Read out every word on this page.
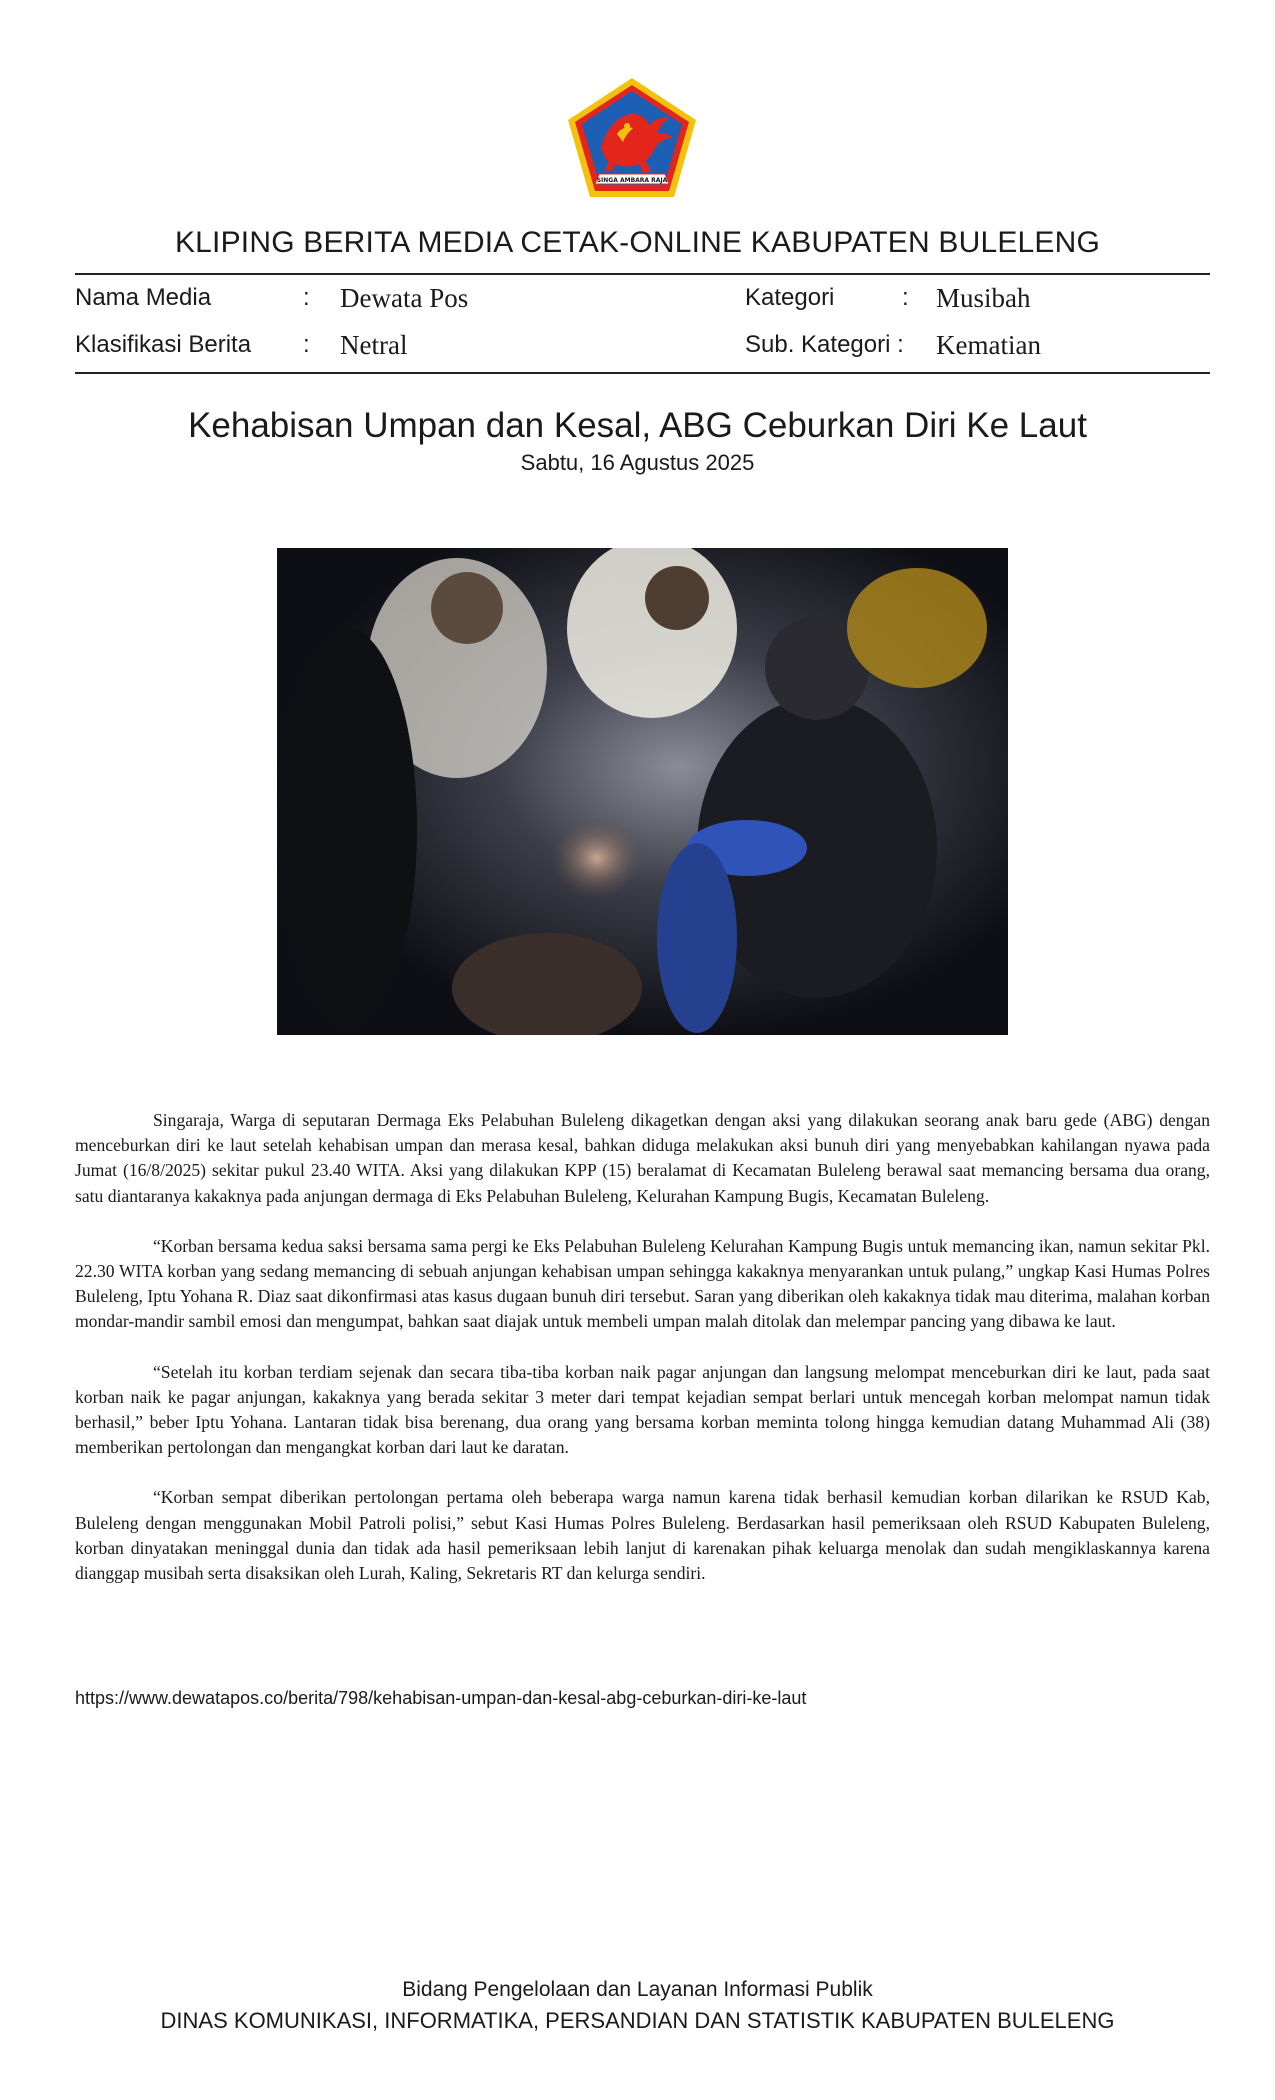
SINGA AMBARA RAJA
KLIPING BERITA MEDIA CETAK-ONLINE KABUPATEN BULELENG
Nama Media	: Dewata Pos	Kategori	: Musibah
Klasifikasi Berita : Netral	Sub. Kategori : Kematian
Kehabisan Umpan dan Kesal, ABG Ceburkan Diri Ke Laut
Sabtu, 16 Agustus 2025

Singaraja, Warga di seputaran Dermaga Eks Pelabuhan Buleleng dikagetkan dengan aksi yang dilakukan seorang anak baru gede (ABG) dengan menceburkan diri ke laut setelah kehabisan umpan dan merasa kesal, bahkan diduga melakukan aksi bunuh diri yang menyebabkan kahilangan nyawa pada Jumat (16/8/2025) sekitar pukul 23.40 WITA. Aksi yang dilakukan KPP (15) beralamat di Kecamatan Buleleng berawal saat memancing bersama dua orang, satu diantaranya kakaknya pada anjungan dermaga di Eks Pelabuhan Buleleng, Kelurahan Kampung Bugis, Kecamatan Buleleng.

“Korban bersama kedua saksi bersama sama pergi ke Eks Pelabuhan Buleleng Kelurahan Kampung Bugis untuk memancing ikan, namun sekitar Pkl. 22.30 WITA korban yang sedang memancing di sebuah anjungan kehabisan umpan sehingga kakaknya menyarankan untuk pulang,” ungkap Kasi Humas Polres Buleleng, Iptu Yohana R. Diaz saat dikonfirmasi atas kasus dugaan bunuh diri tersebut. Saran yang diberikan oleh kakaknya tidak mau diterima, malahan korban mondar-mandir sambil emosi dan mengumpat, bahkan saat diajak untuk membeli umpan malah ditolak dan melempar pancing yang dibawa ke laut.

“Setelah itu korban terdiam sejenak dan secara tiba-tiba korban naik pagar anjungan dan langsung melompat menceburkan diri ke laut, pada saat korban naik ke pagar anjungan, kakaknya yang berada sekitar 3 meter dari tempat kejadian sempat berlari untuk mencegah korban melompat namun tidak berhasil,” beber Iptu Yohana. Lantaran tidak bisa berenang, dua orang yang bersama korban meminta tolong hingga kemudian datang Muhammad Ali (38) memberikan pertolongan dan mengangkat korban dari laut ke daratan.

“Korban sempat diberikan pertolongan pertama oleh beberapa warga namun karena tidak berhasil kemudian korban dilarikan ke RSUD Kab, Buleleng dengan menggunakan Mobil Patroli polisi,” sebut Kasi Humas Polres Buleleng. Berdasarkan hasil pemeriksaan oleh RSUD Kabupaten Buleleng, korban dinyatakan meninggal dunia dan tidak ada hasil pemeriksaan lebih lanjut di karenakan pihak keluarga menolak dan sudah mengiklaskannya karena dianggap musibah serta disaksikan oleh Lurah, Kaling, Sekretaris RT dan kelurga sendiri.

https://www.dewatapos.co/berita/798/kehabisan-umpan-dan-kesal-abg-ceburkan-diri-ke-laut
Bidang Pengelolaan dan Layanan Informasi Publik
DINAS KOMUNIKASI, INFORMATIKA, PERSANDIAN DAN STATISTIK KABUPATEN BULELENG
